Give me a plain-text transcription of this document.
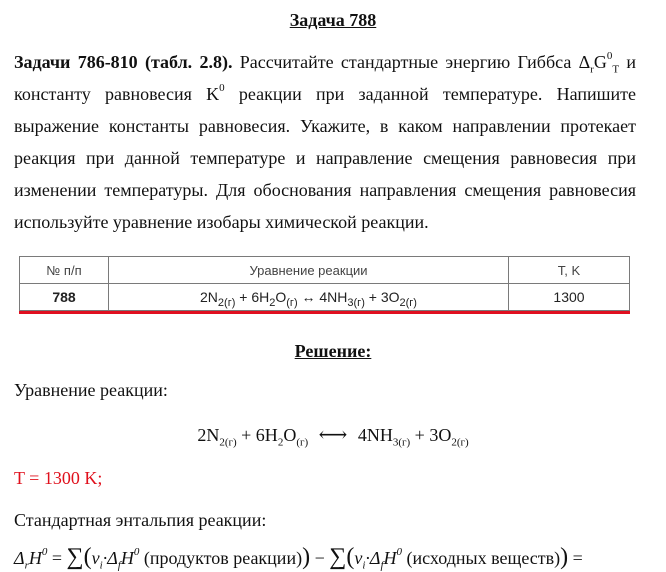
Задача 788
Задачи 786-810 (табл. 2.8). Рассчитайте стандартные энергию Гиббса $\Delta_rG^0_T$ и константу равновесия $K^0$ реакции при заданной температуре. Напишите выражение константы равновесия. Укажите, в каком направлении протекает реакция при данной температуре и направление смещения равновесия при изменении температуры. Для обоснования направления смещения равновесия используйте уравнение изобары химической реакции.
№ п/п	Уравнение реакции	T, K
788	$2N_{2(г)} + 6H_2O_{(г)}$ ↔ $4NH_{3(г)} + 3O_{2(г)}$	1300
Решение:
Уравнение реакции:
$2N_{2(г)} + 6H_2O_{(г)}$ ⟷ $4NH_{3(г)} + 3O_{2(г)}$
T = 1300 K;
Стандартная энтальпия реакции:
$\Delta_rH^0 = \sum(\nu_i\cdot\Delta_fH^0$ (продуктов реакции)) − $\sum(\nu_i\cdot\Delta_fH^0$ (исходных веществ)) =
